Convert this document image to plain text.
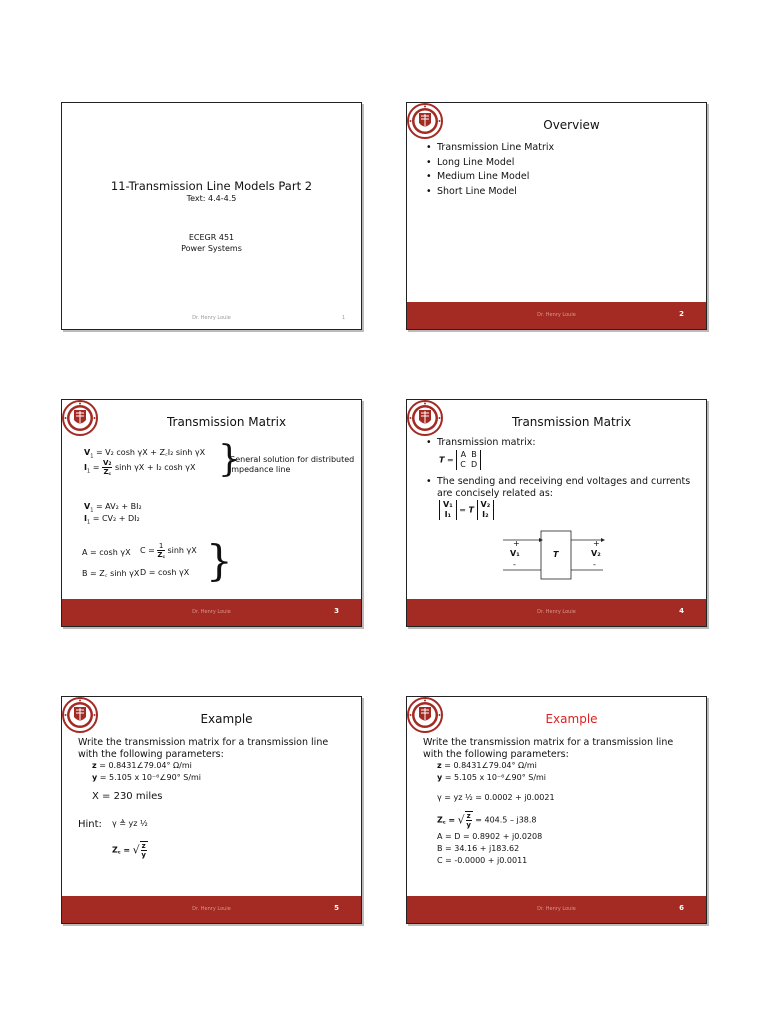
11-Transmission Line Models Part 2
Text: 4.4-4.5
ECEGR 451
Power Systems
Dr. Henry Louie	1
Overview
• Transmission Line Matrix
• Long Line Model
• Medium Line Model
• Short Line Model
Dr. Henry Louie	2
Transmission Matrix
$V_1 = V_2$ cosh γX + Z꜀I₂ sinh γX
$I_1 = \frac{\text{V₂}}{Z꜀}$ sinh γX + I₂ cosh γX }
General solution for distributed impedance line
$V_1 = AV_2 + BI_2$
$I_1 = CV_2 + DI_2$
A = cosh γX $C = \frac{1}{Z꜀}$ sinh γX
B = Z꜀ sinh γX D = cosh γX }
Dr. Henry Louie	3
Transmission Matrix
• Transmission matrix:
T = A B
C D
• The sending and receiving end voltages and currents are concisely related as:
V₁
I₁ = T V₂
I₂
+
V₁
-
T
+
V₂
-
Dr. Henry Louie	4
Example
Write the transmission matrix for a transmission line with the following parameters:
z = 0.8431∠79.04° Ω/mi
y = 5.105 x 10⁻⁶∠90° S/mi
X = 230 miles
Hint: γ ≜ yz ½
Z꜀ = √ $\frac{z}{y}$
Dr. Henry Louie	5
Example
Write the transmission matrix for a transmission line with the following parameters:
z = 0.8431∠79.04° Ω/mi
y = 5.105 x 10⁻⁶∠90° S/mi
γ = yz ½ = 0.0002 + j0.0021
Z꜀ = √ $\frac{z}{y} = 404.5 - j38.8$
A = D = 0.8902 + j0.0208
B = 34.16 + j183.62
C = -0.0000 + j0.0011
Dr. Henry Louie	6
